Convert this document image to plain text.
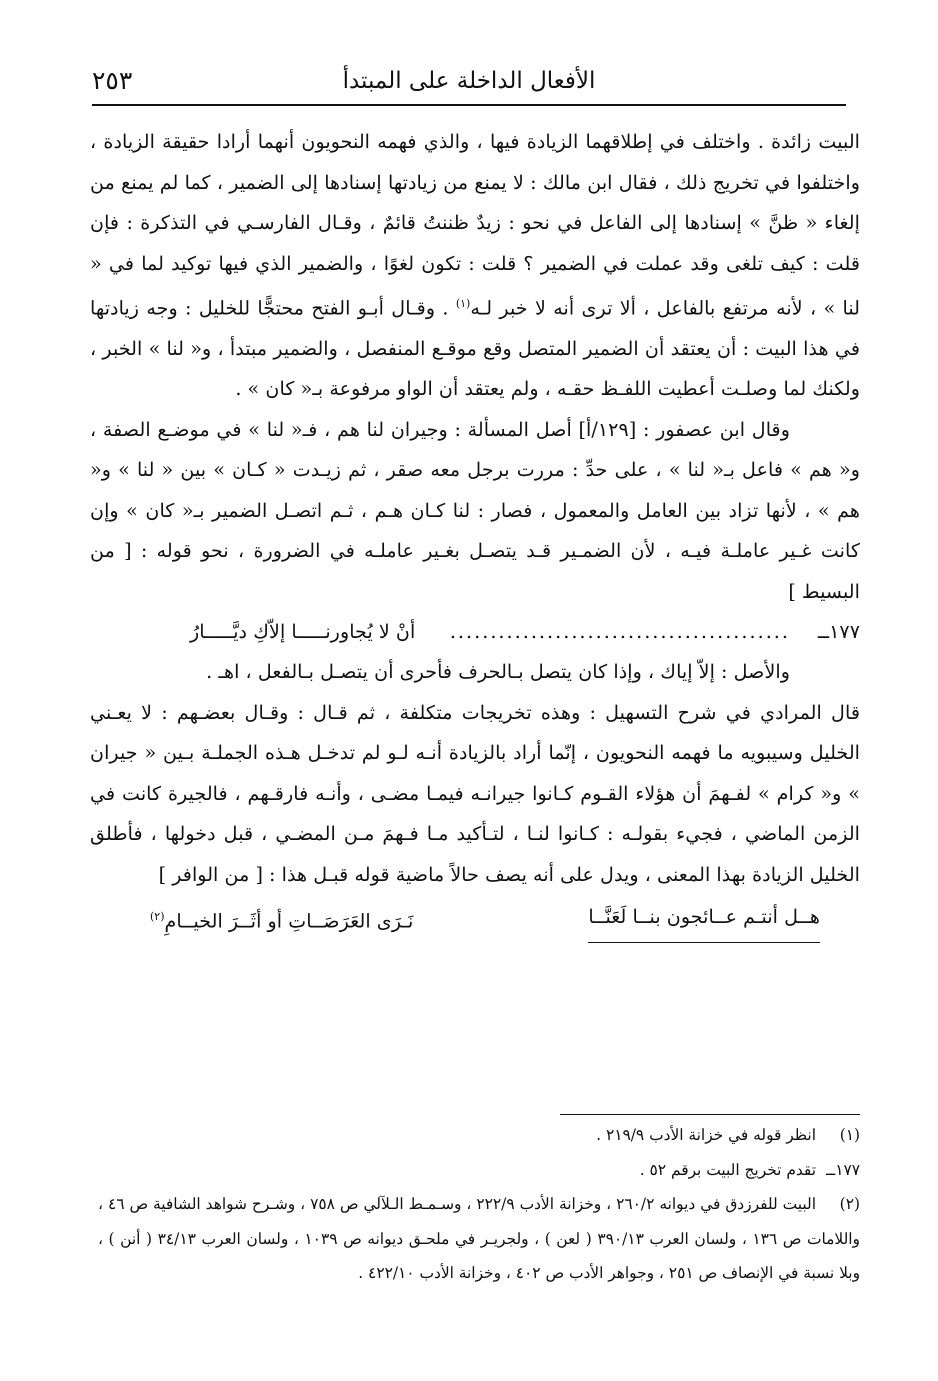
الأفعال الداخلة على المبتدأ
٢٥٣

البيت زائدة . واختلف في إطلاقهما الزيادة فيها ، والذي فهمه النحويون أنهما أرادا حقيقة الزيادة ، واختلفوا في تخريج ذلك ، فقال ابن مالك : لا يمنع من زيادتها إسنادها إلى الضمير ، كما لم يمنع من إلغاء « ظنَّ » إسنادها إلى الفاعل في نحو : زيدٌ ظننتُ قائمٌ ، وقـال الفارسـي في التذكرة : فإن قلت : كيف تلغى وقد عملت في الضمير ؟ قلت : تكون لغوًا ، والضمير الذي فيها توكيد لما في « لنا » ، لأنه مرتفع بالفاعل ، ألا ترى أنه لا خبر لـه$^{(١)}$ . وقـال أبـو الفتح محتجًّا للخليل : وجه زيادتها في هذا البيت : أن يعتقد أن الضمير المتصل وقع موقـع المنفصل ، والضمير مبتدأ ، و« لنا » الخبر ، ولكنك لما وصلـت أعطيت اللفـظ حقـه ، ولم يعتقد أن الواو مرفوعة بـ« كان » .

وقال ابن عصفور : [١٢٩/أ] أصل المسألة : وجيران لنا هم ، فـ« لنا » في موضـع الصفة ، و« هم » فاعل بـ« لنا » ، على حدِّ : مررت برجل معه صقر ، ثم زيـدت « كـان » بين « لنا » و« هم » ، لأنها تزاد بين العامل والمعمول ، فصار : لنا كـان هـم ، ثـم اتصـل الضمير بـ« كان » وإن كانت غـير عاملـة فيـه ، لأن الضمـير قـد يتصـل بغـير عاملـه في الضرورة ، نحو قوله : [ من البسيط ]

١٧٧ــ
..........................................
أنْ لا يُجاورنـــــا إلاّكِ ديَّـــــارُ

والأصل : إلاّ إياك ، وإذا كان يتصل بـالحرف فأحرى أن يتصـل بـالفعل ، اهـ .

قال المرادي في شرح التسهيل : وهذه تخريجات متكلفة ، ثم قـال : وقـال بعضـهم : لا يعـني الخليل وسيبويه ما فهمه النحويون ، إنّما أراد بالزيادة أنـه لـو لم تدخـل هـذه الجملـة بـين « جيران » و« كرام » لفـهمَ أن هؤلاء القـوم كـانوا جيرانـه فيمـا مضـى ، وأنـه فارقـهم ، فالجيرة كانت في الزمن الماضي ، فجيء بقولـه : كـانوا لنـا ، لتـأكيد مـا فـهمَ مـن المضـي ، قبل دخولها ، فأطلق الخليل الزيادة بهذا المعنى ، ويدل على أنه يصف حالاً ماضية قوله قبـل هذا : [ من الوافر ]

هــل أنتـم عــائجون بنــا لَعَنَّــا
نَـرَى العَرَصَــاتِ أو أثَــرَ الخيــامِ$^{(٢)}$

(١)انظر قوله في خزانة الأدب ٢١٩/٩ .

١٧٧ــتقدم تخريج البيت برقم ٥٢ .

(٢)البيت للفرزدق في ديوانه ٢٦٠/٢ ، وخزانة الأدب ٢٢٢/٩ ، وسـمـط الـلآلي ص ٧٥٨ ، وشـرح شواهد الشافية ص ٤٦ ، واللامات ص ١٣٦ ، ولسان العرب ٣٩٠/١٣ ( لعن ) ، ولجريـر في ملحـق ديوانه ص ١٠٣٩ ، ولسان العرب ٣٤/١٣ ( أنن ) ، وبلا نسبة في الإنصاف ص ٢٥١ ، وجواهر الأدب ص ٤٠٢ ، وخزانة الأدب ٤٢٢/١٠ .
